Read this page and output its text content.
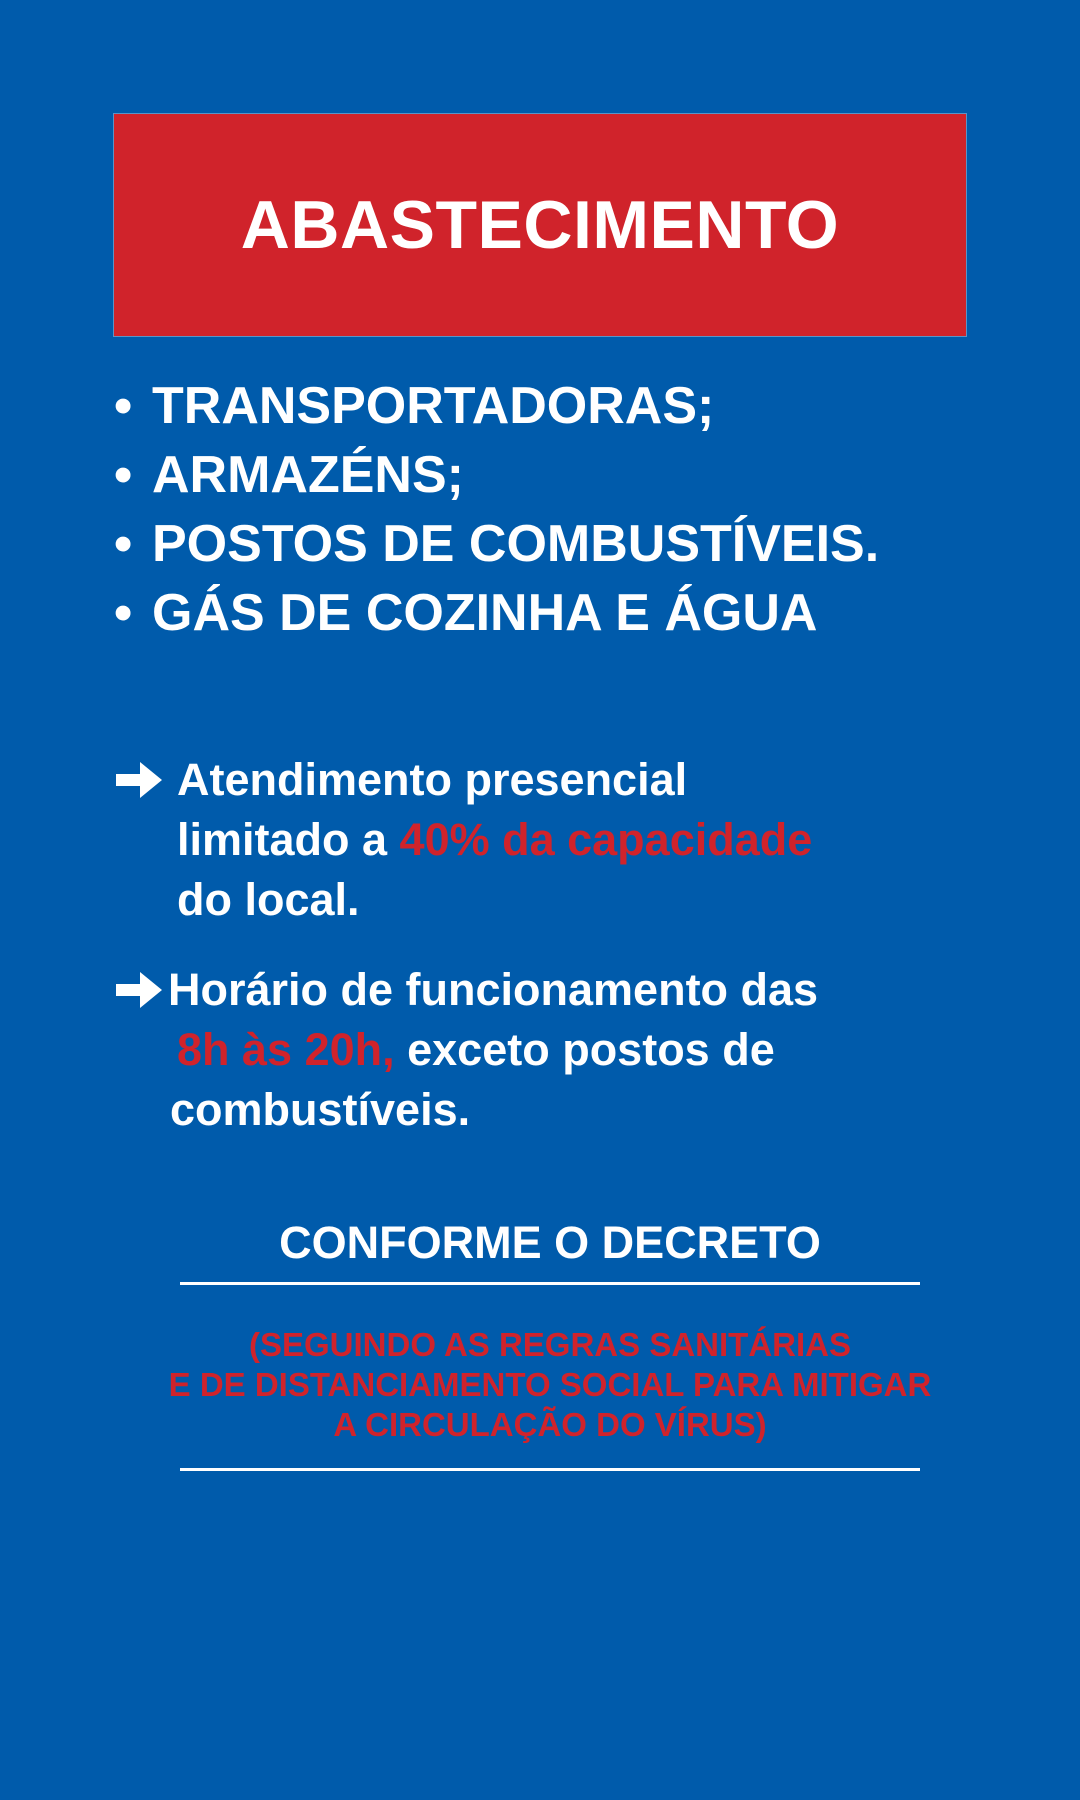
ABASTECIMENTO
• TRANSPORTADORAS;
• ARMAZÉNS;
• POSTOS DE COMBUSTÍVEIS.
• GÁS DE COZINHA E ÁGUA
Atendimento presencial
limitado a 40% da capacidade
do local.
Horário de funcionamento das
8h às 20h, exceto postos de
combustíveis.
CONFORME O DECRETO
(SEGUINDO AS REGRAS SANITÁRIAS
E DE DISTANCIAMENTO SOCIAL PARA MITIGAR
A CIRCULAÇÃO DO VÍRUS)
